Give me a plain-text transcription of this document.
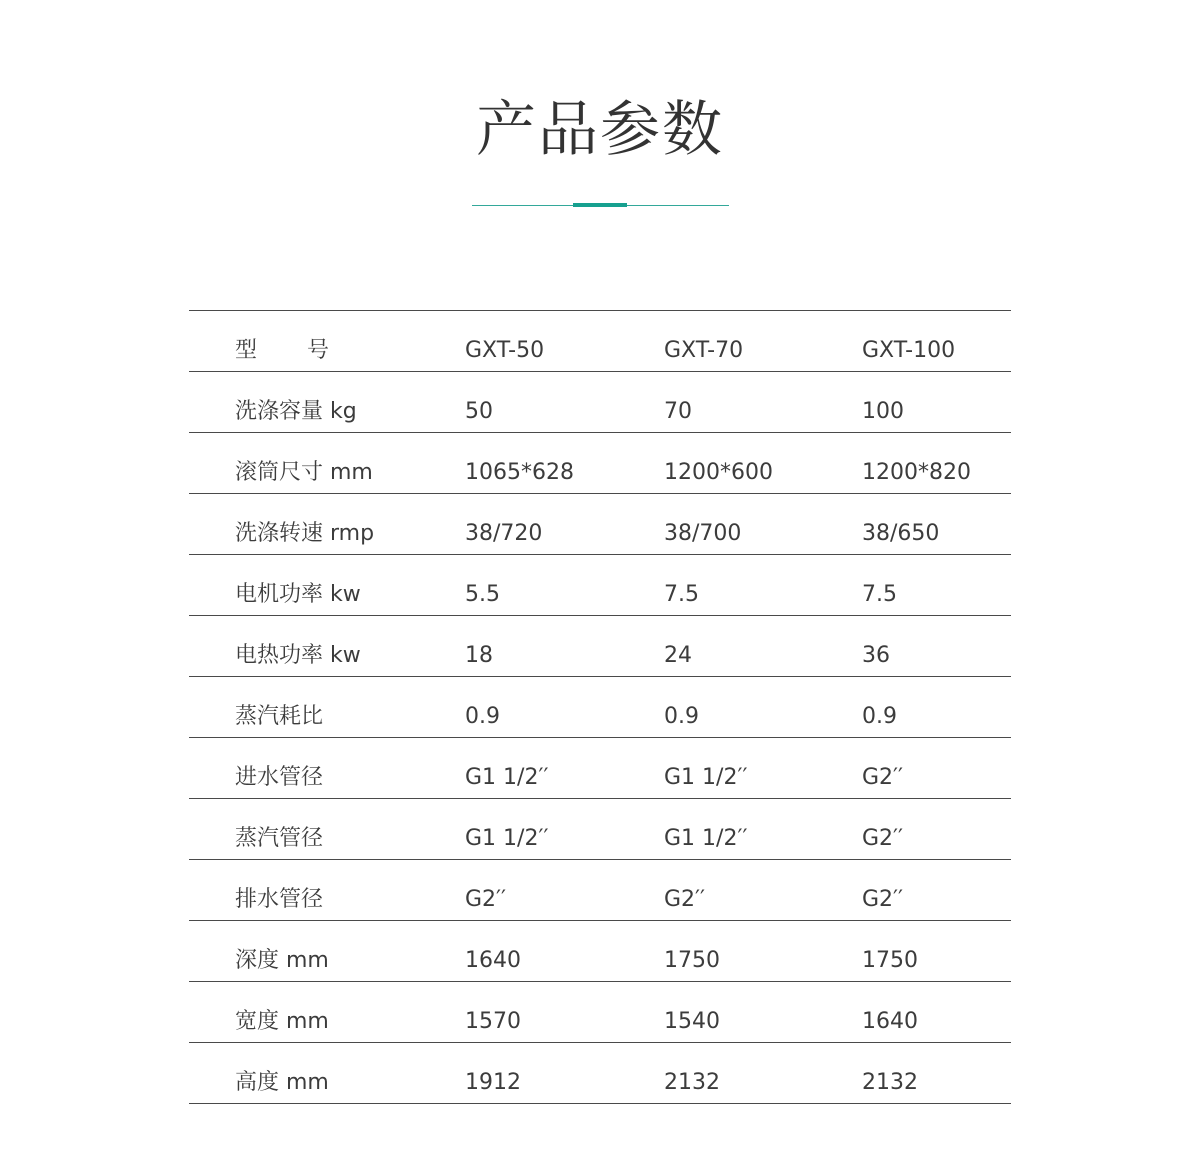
产品参数
型 号	GXT-50	GXT-70	GXT-100
洗涤容量 kg	50	70	100
滚筒尺寸 mm	1065*628	1200*600	1200*820
洗涤转速 rmp	38/720	38/700	38/650
电机功率 kw	5.5	7.5	7.5
电热功率 kw	18	24	36
蒸汽耗比	0.9	0.9	0.9
进水管径	G1 1/2′′	G1 1/2′′	G2′′
蒸汽管径	G1 1/2′′	G1 1/2′′	G2′′
排水管径	G2′′	G2′′	G2′′
深度 mm	1640	1750	1750
宽度 mm	1570	1540	1640
高度 mm	1912	2132	2132
